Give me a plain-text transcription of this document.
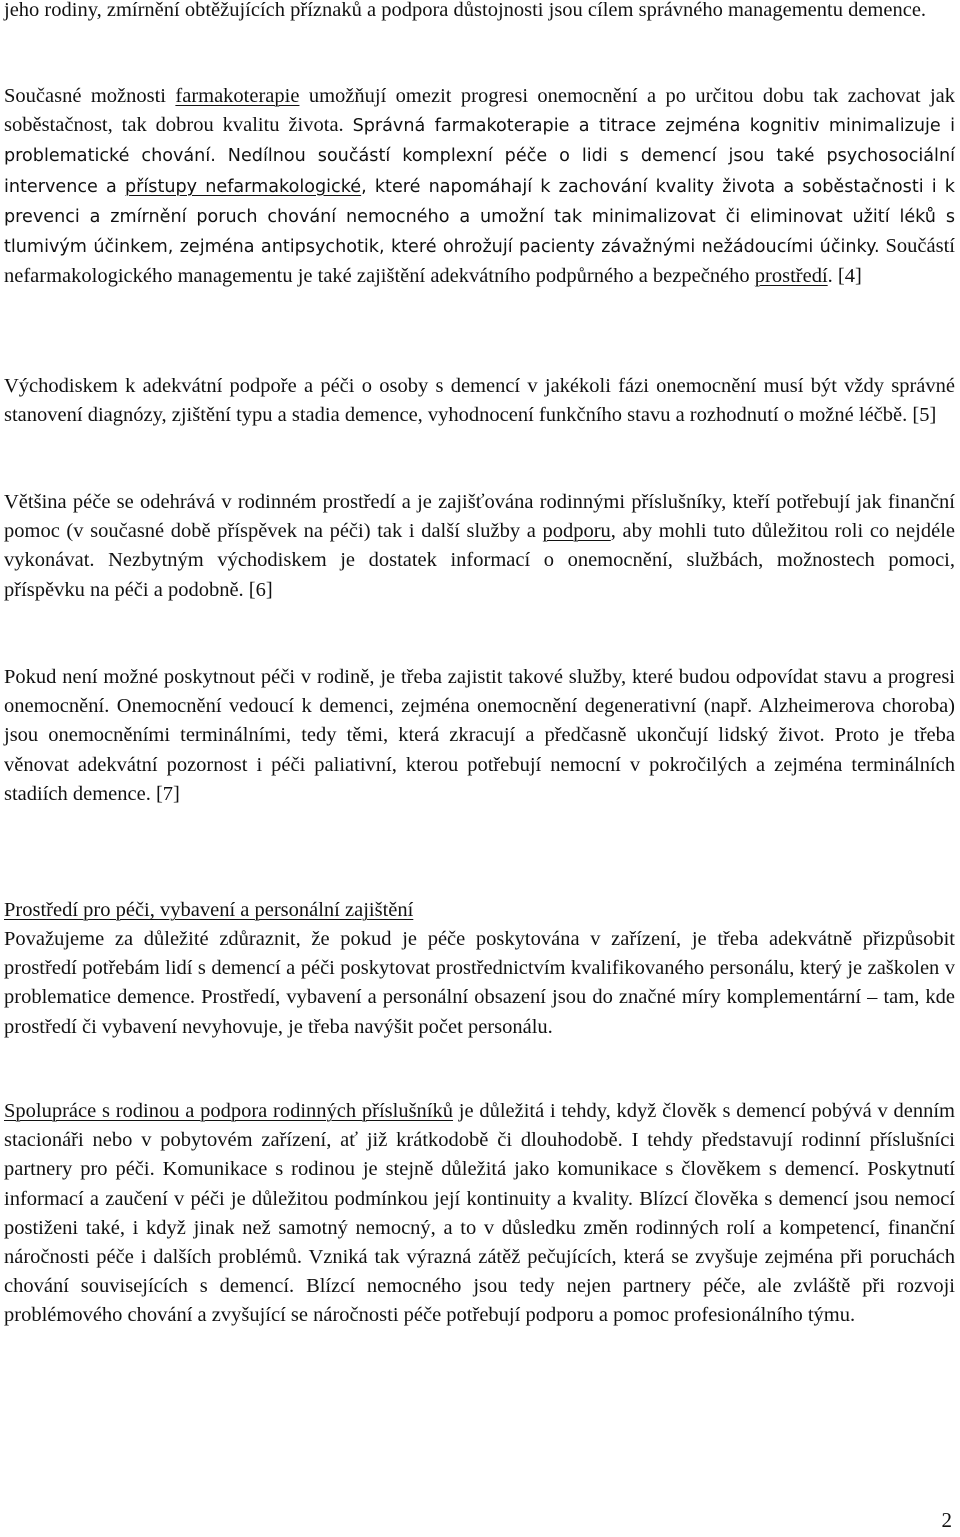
jeho rodiny, zmírnění obtěžujících příznaků a podpora důstojnosti jsou cílem správného managementu demence.

Současné možnosti farmakoterapie umožňují omezit progresi onemocnění a po určitou dobu tak zachovat jak soběstačnost, tak dobrou kvalitu života. Správná farmakoterapie a titrace zejména kognitiv minimalizuje i problematické chování. Nedílnou součástí komplexní péče o lidi s demencí jsou také psychosociální intervence a přístupy nefarmakologické, které napomáhají k zachování kvality života a soběstačnosti i k prevenci a zmírnění poruch chování nemocného a umožní tak minimalizovat či eliminovat užití léků s tlumivým účinkem, zejména antipsychotik, které ohrožují pacienty závažnými nežádoucími účinky. Součástí nefarmakologického managementu je také zajištění adekvátního podpůrného a bezpečného prostředí. [4]

Východiskem k adekvátní podpoře a péči o osoby s demencí v jakékoli fázi onemocnění musí být vždy správné stanovení diagnózy, zjištění typu a stadia demence, vyhodnocení funkčního stavu a rozhodnutí o možné léčbě. [5]

Většina péče se odehrává v rodinném prostředí a je zajišťována rodinnými příslušníky, kteří potřebují jak finanční pomoc (v současné době příspěvek na péči) tak i další služby a podporu, aby mohli tuto důležitou roli co nejdéle vykonávat. Nezbytným východiskem je dostatek informací o onemocnění, službách, možnostech pomoci, příspěvku na péči a podobně. [6]

Pokud není možné poskytnout péči v rodině, je třeba zajistit takové služby, které budou odpovídat stavu a progresi onemocnění. Onemocnění vedoucí k demenci, zejména onemocnění degenerativní (např. Alzheimerova choroba) jsou onemocněními terminálními, tedy těmi, která zkracují a předčasně ukončují lidský život. Proto je třeba věnovat adekvátní pozornost i péči paliativní, kterou potřebují nemocní v pokročilých a zejména terminálních stadiích demence. [7]

Prostředí pro péči, vybavení a personální zajištění

Považujeme za důležité zdůraznit, že pokud je péče poskytována v zařízení, je třeba adekvátně přizpůsobit prostředí potřebám lidí s demencí a péči poskytovat prostřednictvím kvalifikovaného personálu, který je zaškolen v problematice demence. Prostředí, vybavení a personální obsazení jsou do značné míry komplementární – tam, kde prostředí či vybavení nevyhovuje, je třeba navýšit počet personálu.

Spolupráce s rodinou a podpora rodinných příslušníků je důležitá i tehdy, když člověk s demencí pobývá v denním stacionáři nebo v pobytovém zařízení, ať již krátkodobě či dlouhodobě. I tehdy představují rodinní příslušníci partnery pro péči. Komunikace s rodinou je stejně důležitá jako komunikace s člověkem s demencí. Poskytnutí informací a zaučení v péči je důležitou podmínkou její kontinuity a kvality. Blízcí člověka s demencí jsou nemocí postiženi také, i když jinak než samotný nemocný, a to v důsledku změn rodinných rolí a kompetencí, finanční náročnosti péče i dalších problémů. Vzniká tak výrazná zátěž pečujících, která se zvyšuje zejména při poruchách chování souvisejících s demencí. Blízcí nemocného jsou tedy nejen partnery péče, ale zvláště při rozvoji problémového chování a zvyšující se náročnosti péče potřebují podporu a pomoc profesionálního týmu.

2
